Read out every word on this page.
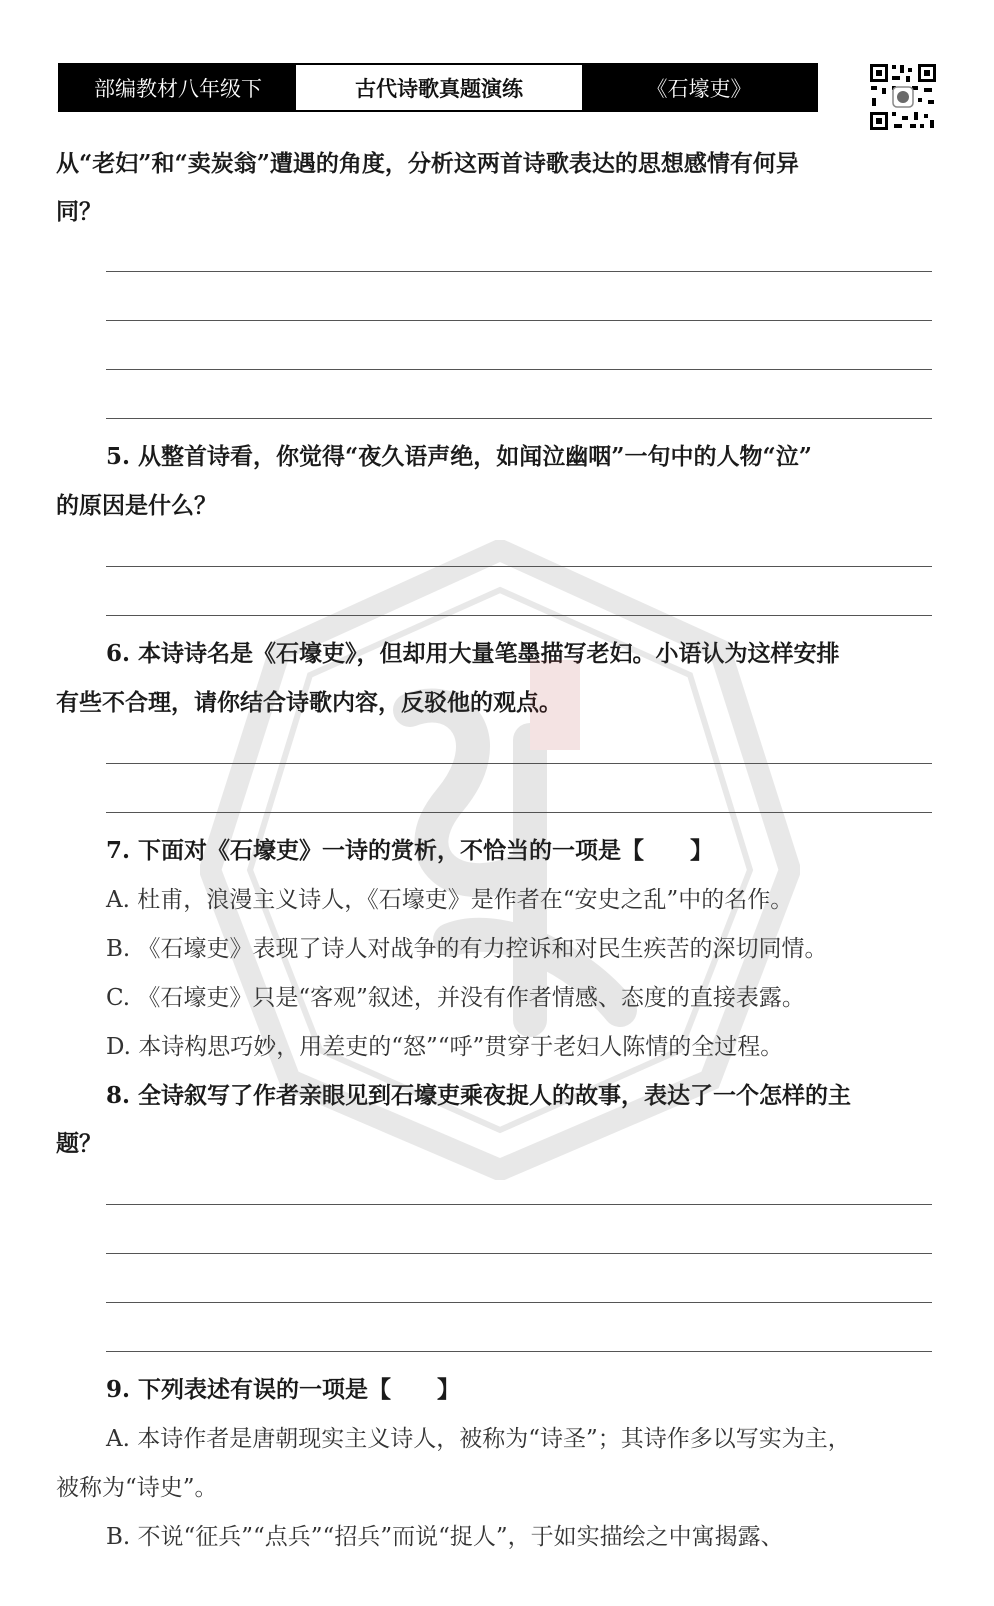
部编教材八年级下	古代诗歌真题演练	《石壕吏》
从“老妇”和“卖炭翁”遭遇的角度，分析这两首诗歌表达的思想感情有何异
同？
5. 从整首诗看，你觉得“夜久语声绝，如闻泣幽咽”一句中的人物“泣”
的原因是什么？
6. 本诗诗名是《石壕吏》，但却用大量笔墨描写老妇。小语认为这样安排
有些不合理，请你结合诗歌内容，反驳他的观点。
7. 下面对《石壕吏》一诗的赏析，不恰当的一项是【　　】
A. 杜甫，浪漫主义诗人，《石壕吏》是作者在“安史之乱”中的名作。
B. 《石壕吏》表现了诗人对战争的有力控诉和对民生疾苦的深切同情。
C. 《石壕吏》只是“客观”叙述，并没有作者情感、态度的直接表露。
D. 本诗构思巧妙，用差吏的“怒”“呼”贯穿于老妇人陈情的全过程。
8. 全诗叙写了作者亲眼见到石壕吏乘夜捉人的故事，表达了一个怎样的主
题？
9. 下列表述有误的一项是【　　】
A. 本诗作者是唐朝现实主义诗人，被称为“诗圣”；其诗作多以写实为主，
被称为“诗史”。
B. 不说“征兵”“点兵”“招兵”而说“捉人”，于如实描绘之中寓揭露、
